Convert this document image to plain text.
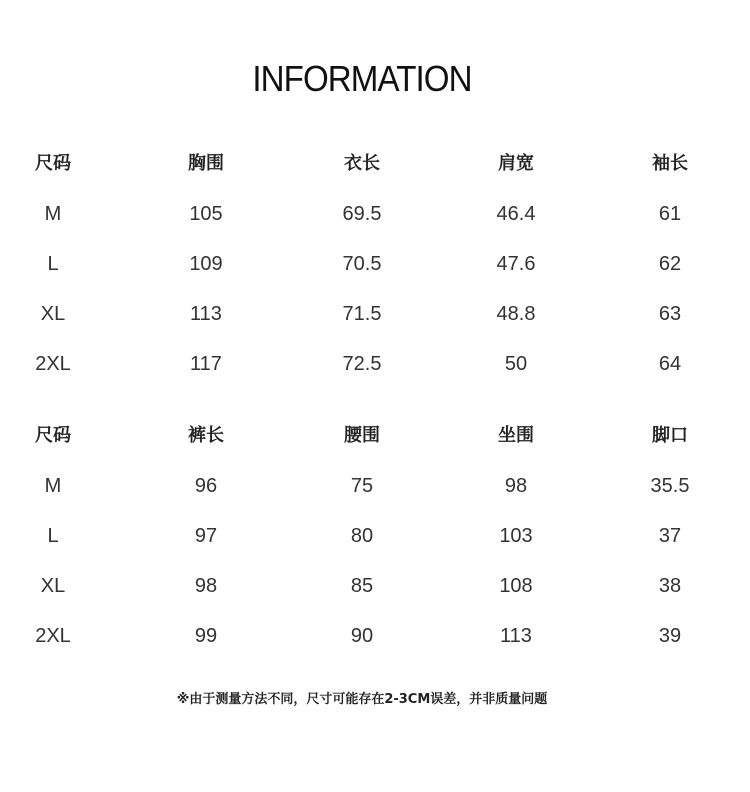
INFORMATION
尺码	胸围	衣长	肩宽	袖长
M	105	69.5	46.4	61
L	109	70.5	47.6	62
XL	113	71.5	48.8	63
2XL	117	72.5	50	64
尺码	裤长	腰围	坐围	脚口
M	96	75	98	35.5
L	97	80	103	37
XL	98	85	108	38
2XL	99	90	113	39
※由于测量方法不同，尺寸可能存在2-3CM误差，并非质量问题
